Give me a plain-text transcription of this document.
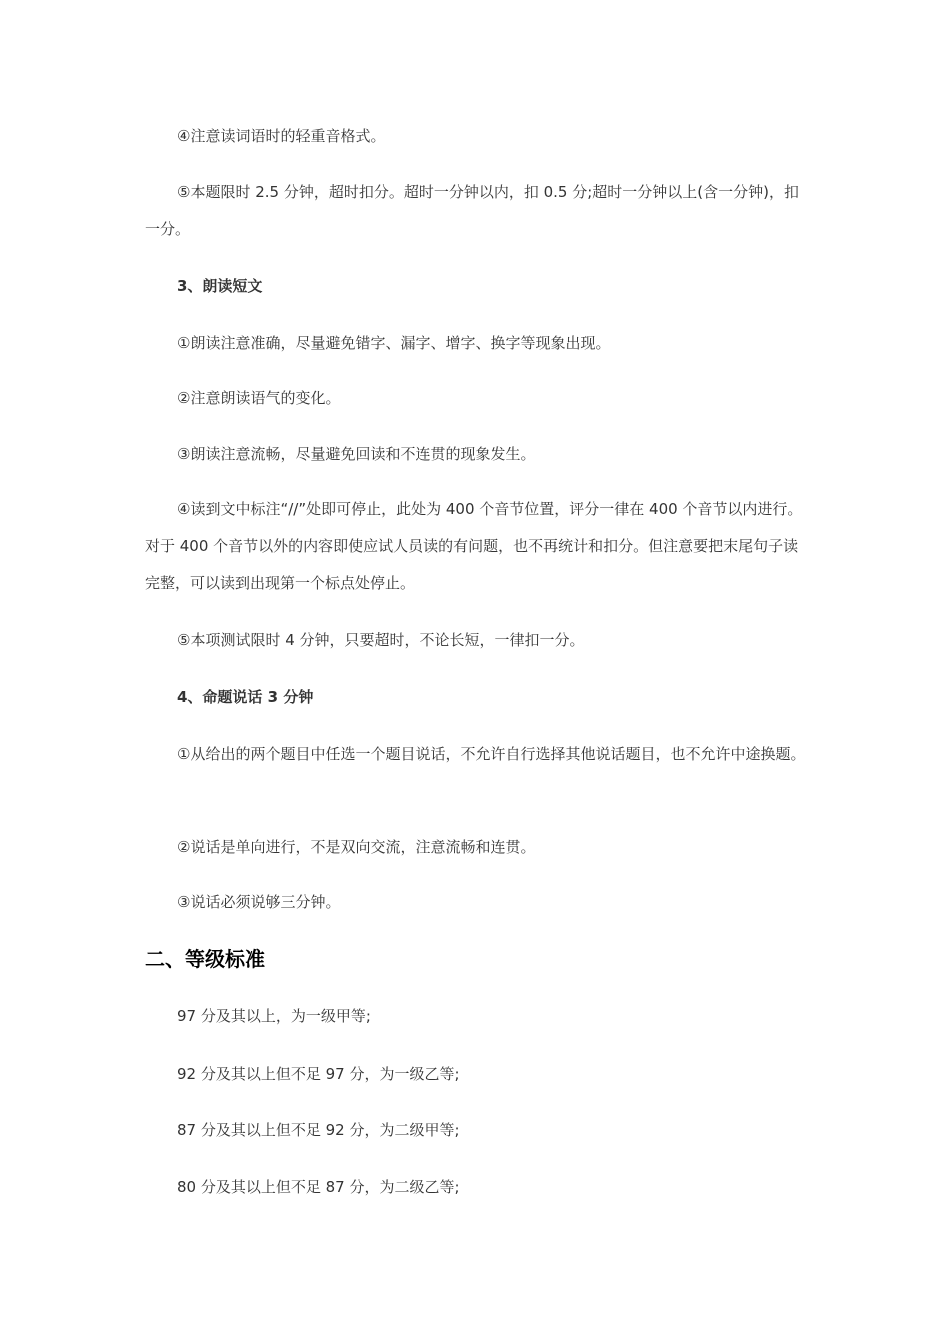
④注意读词语时的轻重音格式。

⑤本题限时 2.5 分钟，超时扣分。超时一分钟以内，扣 0.5 分;超时一分钟以上(含一分钟)，扣一分。

3、朗读短文

①朗读注意准确，尽量避免错字、漏字、增字、换字等现象出现。

②注意朗读语气的变化。

③朗读注意流畅，尽量避免回读和不连贯的现象发生。

④读到文中标注“//”处即可停止，此处为 400 个音节位置，评分一律在 400 个音节以内进行。对于 400 个音节以外的内容即使应试人员读的有问题，也不再统计和扣分。但注意要把末尾句子读完整，可以读到出现第一个标点处停止。

⑤本项测试限时 4 分钟，只要超时，不论长短，一律扣一分。

4、命题说话 3 分钟

①从给出的两个题目中任选一个题目说话，不允许自行选择其他说话题目，也不允许中途换题。

②说话是单向进行，不是双向交流，注意流畅和连贯。

③说话必须说够三分钟。

二、等级标准

97 分及其以上，为一级甲等;

92 分及其以上但不足 97 分，为一级乙等;

87 分及其以上但不足 92 分，为二级甲等;

80 分及其以上但不足 87 分，为二级乙等;
